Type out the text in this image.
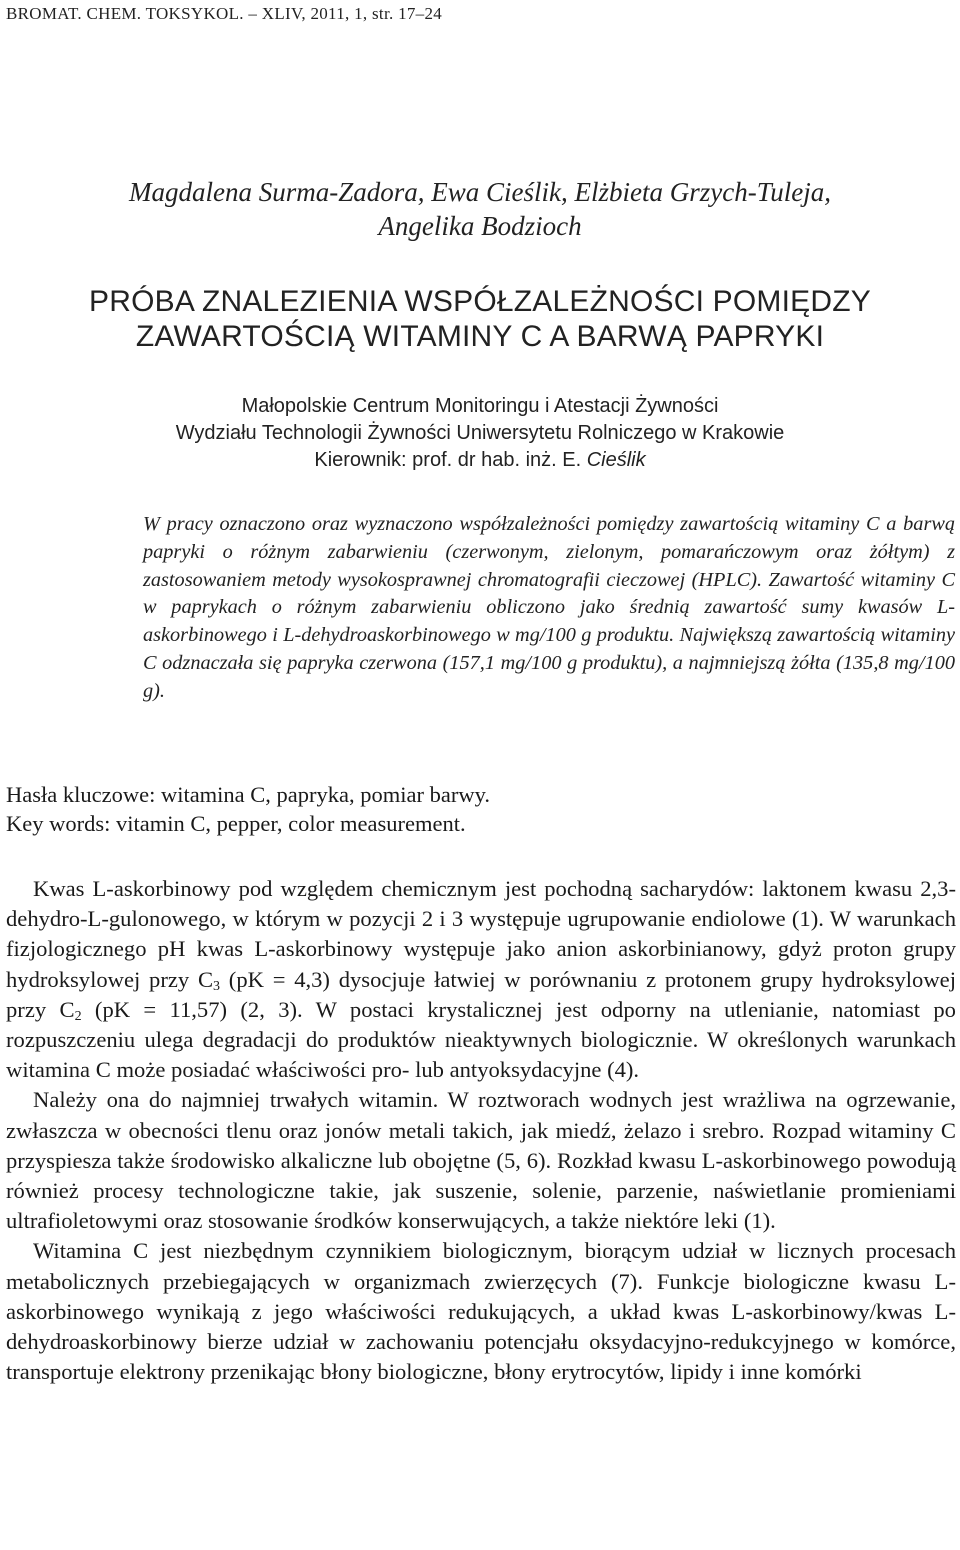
BROMAT. CHEM. TOKSYKOL. – XLIV, 2011, 1, str. 17–24
Magdalena Surma-Zadora, Ewa Cieślik, Elżbieta Grzych-Tuleja,
Angelika Bodzioch
PRÓBA ZNALEZIENIA WSPÓŁZALEŻNOŚCI POMIĘDZY
ZAWARTOŚCIĄ WITAMINY C A BARWĄ PAPRYKI
Małopolskie Centrum Monitoringu i Atestacji Żywności
Wydziału Technologii Żywności Uniwersytetu Rolniczego w Krakowie
Kierownik: prof. dr hab. inż. E. Cieślik
W pracy oznaczono oraz wyznaczono współzależności pomiędzy zawartością witaminy C a barwą papryki o różnym zabarwieniu (czerwonym, zielonym, pomarańczowym oraz żółtym) z zastosowaniem metody wysokosprawnej chromatografii cieczowej (HPLC). Zawartość witaminy C w paprykach o różnym zabarwieniu obliczono jako średnią zawartość sumy kwasów L-askorbinowego i L-dehydroaskorbinowego w mg/100 g produktu. Największą zawartością witaminy C odznaczała się papryka czerwona (157,1 mg/100 g produktu), a najmniejszą żółta (135,8 mg/100 g).
Hasła kluczowe: witamina C, papryka, pomiar barwy.
Key words: vitamin C, pepper, color measurement.

Kwas L-askorbinowy pod względem chemicznym jest pochodną sacharydów: laktonem kwasu 2,3-dehydro-L-gulonowego, w którym w pozycji 2 i 3 występuje ugrupowanie endiolowe (1). W warunkach fizjologicznego pH kwas L-askorbinowy występuje jako anion askorbinianowy, gdyż proton grupy hydroksylowej przy $C_3$ (pK = 4,3) dysocjuje łatwiej w porównaniu z protonem grupy hydroksylowej przy $C_2$ (pK = 11,57) (2, 3). W postaci krystalicznej jest odporny na utlenianie, natomiast po rozpuszczeniu ulega degradacji do produktów nieaktywnych biologicznie. W określonych warunkach witamina C może posiadać właściwości pro- lub antyoksydacyjne (4).

Należy ona do najmniej trwałych witamin. W roztworach wodnych jest wrażliwa na ogrzewanie, zwłaszcza w obecności tlenu oraz jonów metali takich, jak miedź, żelazo i srebro. Rozpad witaminy C przyspiesza także środowisko alkaliczne lub obojętne (5, 6). Rozkład kwasu L-askorbinowego powodują również procesy technologiczne takie, jak suszenie, solenie, parzenie, naświetlanie promieniami ultrafioletowymi oraz stosowanie środków konserwujących, a także niektóre leki (1).

Witamina C jest niezbędnym czynnikiem biologicznym, biorącym udział w licznych procesach metabolicznych przebiegających w organizmach zwierzęcych (7). Funkcje biologiczne kwasu L-askorbinowego wynikają z jego właściwości redukujących, a układ kwas L-askorbinowy/kwas L-dehydroaskorbinowy bierze udział w zachowaniu potencjału oksydacyjno-redukcyjnego w komórce, transportuje elektrony przenikając błony biologiczne, błony erytrocytów, lipidy i inne komórki
